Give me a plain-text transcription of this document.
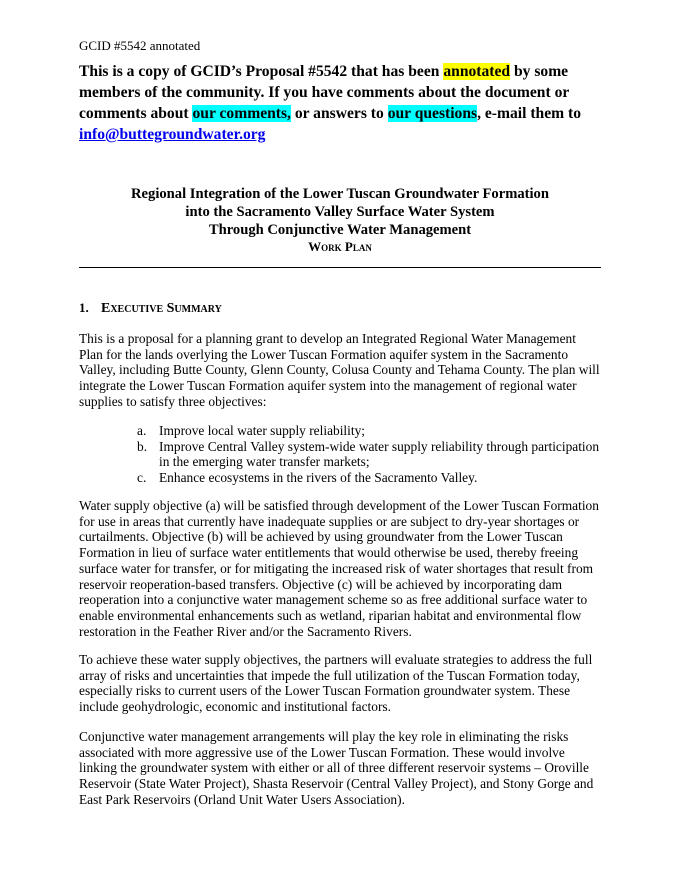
GCID #5542 annotated
This is a copy of GCID’s Proposal #5542 that has been annotated by some members of the community. If you have comments about the document or comments about our comments, or answers to our questions, e-mail them to
info@buttegroundwater.org
Regional Integration of the Lower Tuscan Groundwater Formation
into the Sacramento Valley Surface Water System
Through Conjunctive Water Management
Work Plan
1. Executive Summary
This is a proposal for a planning grant to develop an Integrated Regional Water Management Plan for the lands overlying the Lower Tuscan Formation aquifer system in the Sacramento Valley, including Butte County, Glenn County, Colusa County and Tehama County. The plan will integrate the Lower Tuscan Formation aquifer system into the management of regional water supplies to satisfy three objectives:
a. Improve local water supply reliability;
b. Improve Central Valley system-wide water supply reliability through participation in the emerging water transfer markets;
c. Enhance ecosystems in the rivers of the Sacramento Valley.
Water supply objective (a) will be satisfied through development of the Lower Tuscan Formation for use in areas that currently have inadequate supplies or are subject to dry-year shortages or curtailments. Objective (b) will be achieved by using groundwater from the Lower Tuscan Formation in lieu of surface water entitlements that would otherwise be used, thereby freeing surface water for transfer, or for mitigating the increased risk of water shortages that result from reservoir reoperation-based transfers. Objective (c) will be achieved by incorporating dam reoperation into a conjunctive water management scheme so as free additional surface water to enable environmental enhancements such as wetland, riparian habitat and environmental flow restoration in the Feather River and/or the Sacramento Rivers.
To achieve these water supply objectives, the partners will evaluate strategies to address the full array of risks and uncertainties that impede the full utilization of the Tuscan Formation today, especially risks to current users of the Lower Tuscan Formation groundwater system. These include geohydrologic, economic and institutional factors.
Conjunctive water management arrangements will play the key role in eliminating the risks associated with more aggressive use of the Lower Tuscan Formation. These would involve linking the groundwater system with either or all of three different reservoir systems – Oroville Reservoir (State Water Project), Shasta Reservoir (Central Valley Project), and Stony Gorge and East Park Reservoirs (Orland Unit Water Users Association).
